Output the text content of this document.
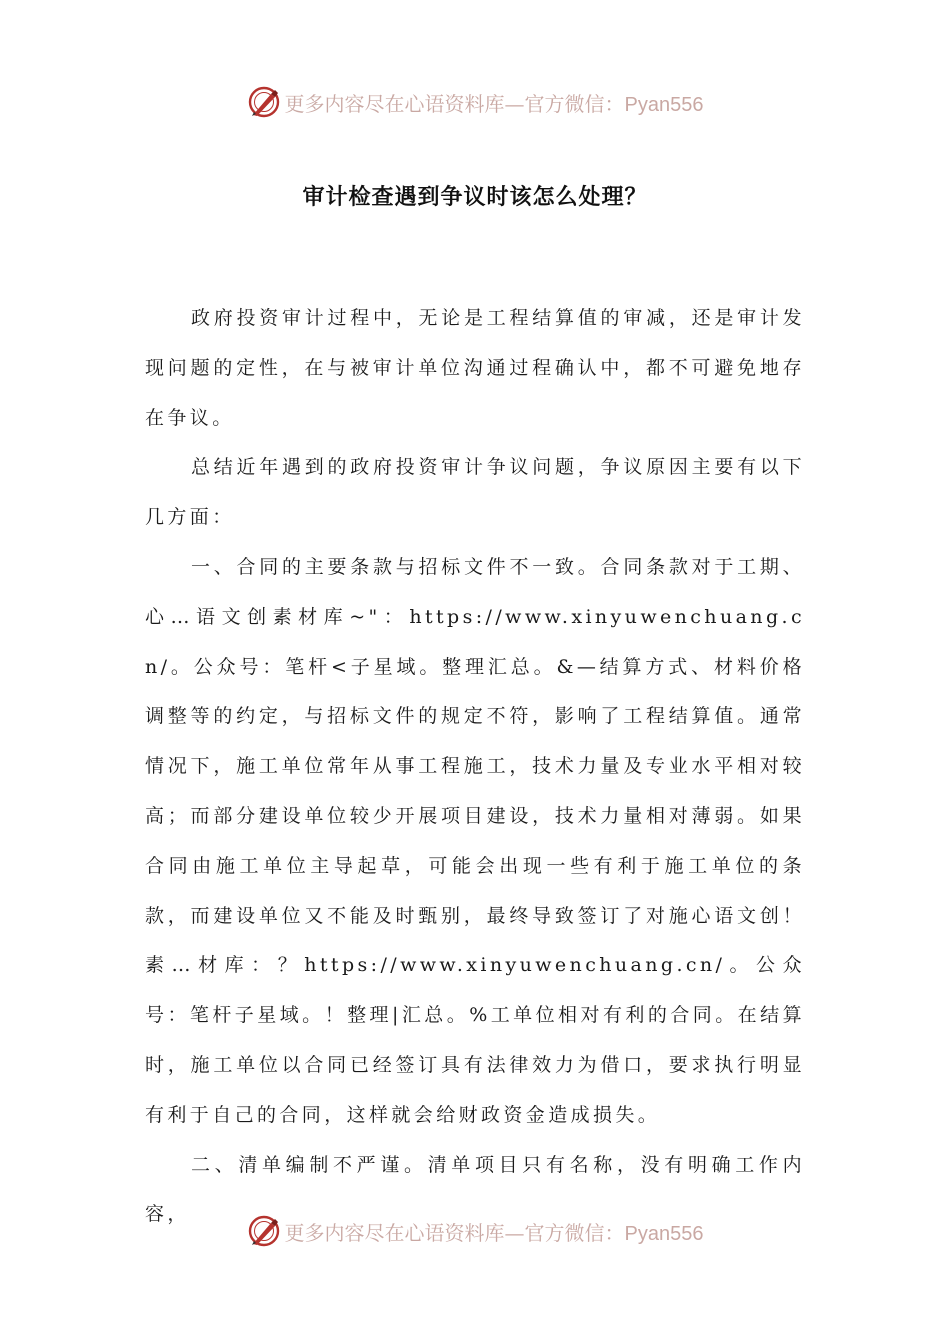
更多内容尽在心语资料库—官方微信：Pyan556
审计检查遇到争议时该怎么处理？

政府投资审计过程中，无论是工程结算值的审减，还是审计发现问题的定性，在与被审计单位沟通过程确认中，都不可避免地存在争议。

总结近年遇到的政府投资审计争议问题，争议原因主要有以下几方面：

一、合同的主要条款与招标文件不一致。合同条款对于工期、心…语文创素材库~"：https://www.xinyuwenchuang.cn/。公众号：笔杆<子星域。整理汇总。&—结算方式、材料价格调整等的约定，与招标文件的规定不符，影响了工程结算值。通常情况下，施工单位常年从事工程施工，技术力量及专业水平相对较高；而部分建设单位较少开展项目建设，技术力量相对薄弱。如果合同由施工单位主导起草，可能会出现一些有利于施工单位的条款，而建设单位又不能及时甄别，最终导致签订了对施心语文创！素…材库：？https://www.xinyuwenchuang.cn/。公众号：笔杆子星域。！整理|汇总。%工单位相对有利的合同。在结算时，施工单位以合同已经签订具有法律效力为借口，要求执行明显有利于自己的合同，这样就会给财政资金造成损失。

二、清单编制不严谨。清单项目只有名称，没有明确工作内容，

更多内容尽在心语资料库—官方微信：Pyan556
